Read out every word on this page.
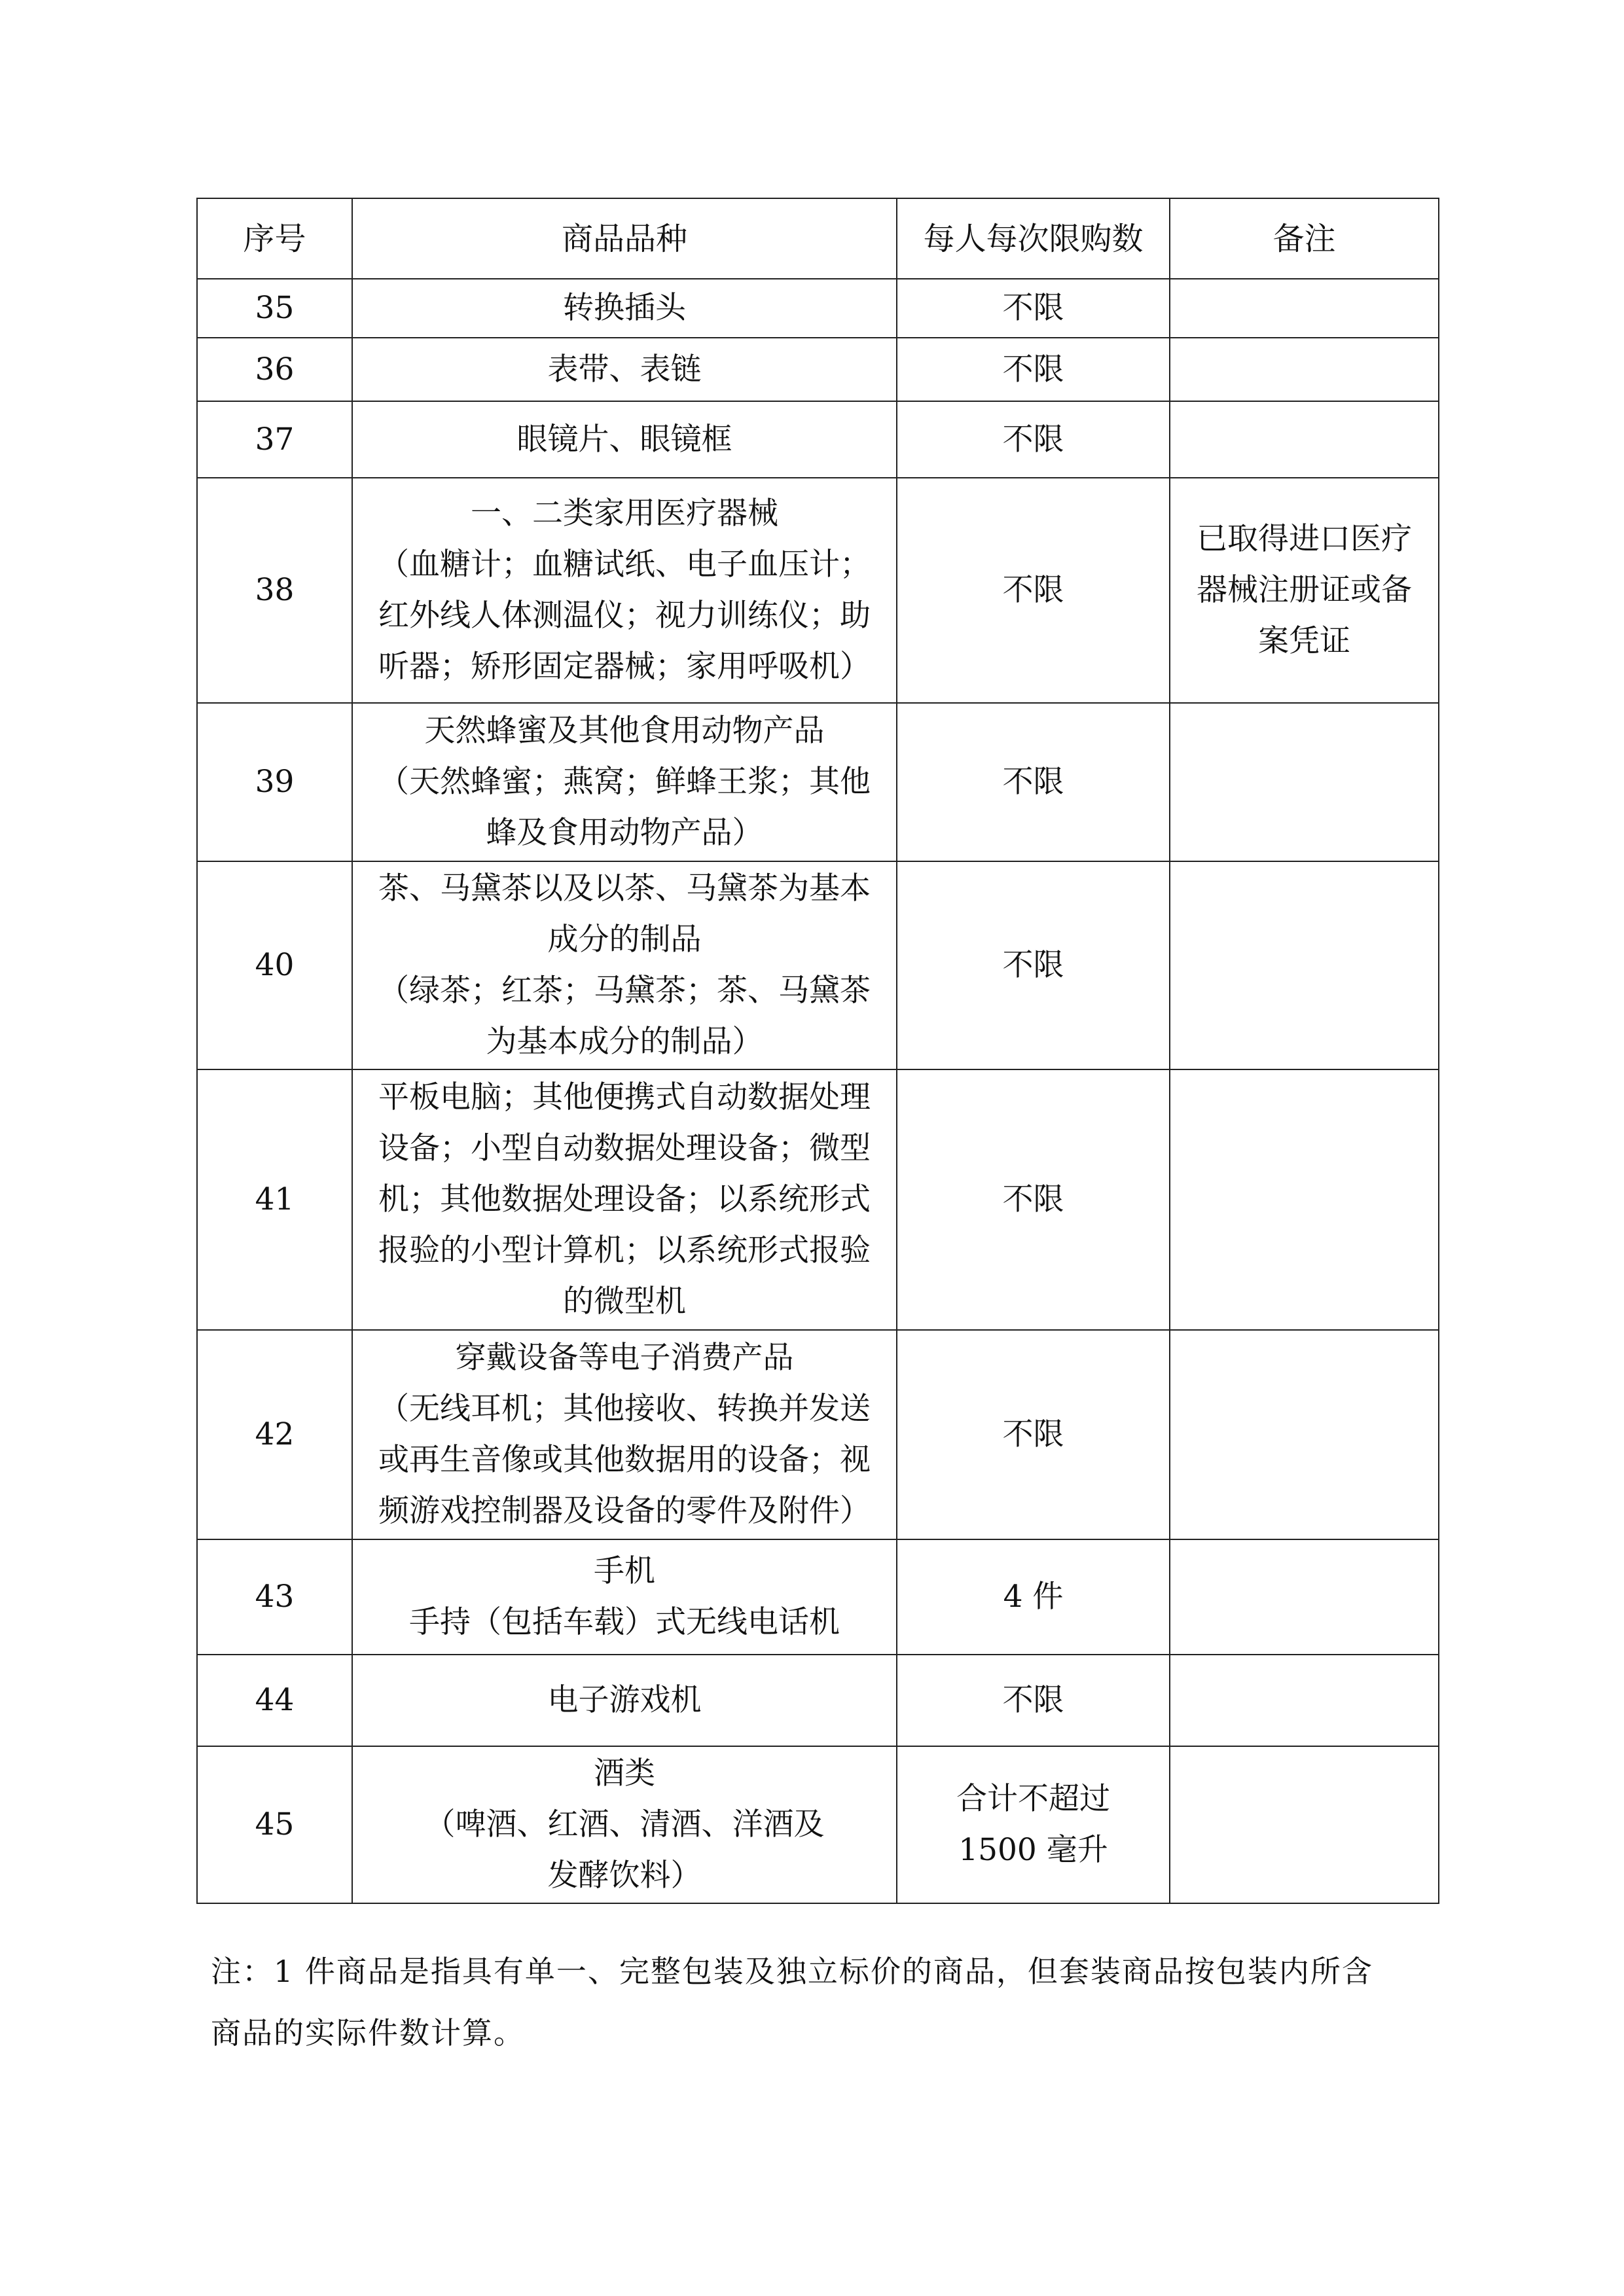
序号	商品品种	每人每次限购数	备注
35	转换插头	不限	

36	表带、表链	不限	

37	眼镜片、眼镜框	不限	

38	一、二类家用医疗器械
（血糖计；血糖试纸、电子血压计；
红外线人体测温仪；视力训练仪；助
听器；矫形固定器械；家用呼吸机）	不限	已取得进口医疗
器械注册证或备
案凭证

39	天然蜂蜜及其他食用动物产品
（天然蜂蜜；燕窝；鲜蜂王浆；其他
蜂及食用动物产品）	不限	

40	茶、马黛茶以及以茶、马黛茶为基本
成分的制品
（绿茶；红茶；马黛茶；茶、马黛茶
为基本成分的制品）	不限	

41	平板电脑；其他便携式自动数据处理
设备；小型自动数据处理设备；微型
机；其他数据处理设备；以系统形式
报验的小型计算机；以系统形式报验
的微型机	不限	

42	穿戴设备等电子消费产品
（无线耳机；其他接收、转换并发送
或再生音像或其他数据用的设备；视
频游戏控制器及设备的零件及附件）	不限	

43	手机
手持（包括车载）式无线电话机	4 件	

44	电子游戏机	不限	

45	酒类
（啤酒、红酒、清酒、洋酒及
发酵饮料）	合计不超过
1500 毫升	

注：1 件商品是指具有单一、完整包装及独立标价的商品，但套装商品按包装内所含
商品的实际件数计算。
